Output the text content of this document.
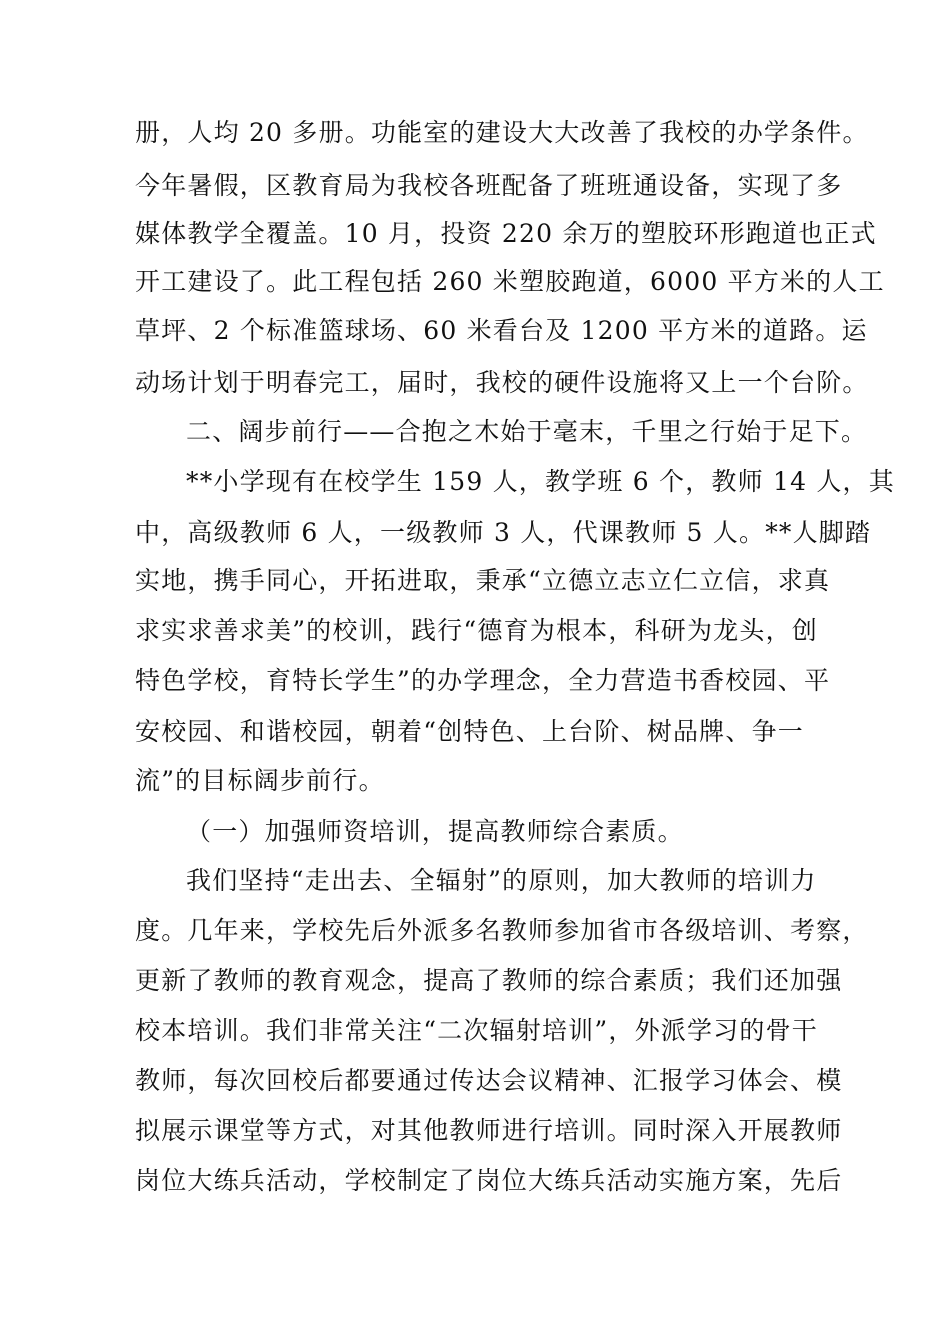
册，人均 20 多册。功能室的建设大大改善了我校的办学条件。
今年暑假，区教育局为我校各班配备了班班通设备，实现了多
媒体教学全覆盖。10 月，投资 220 余万的塑胶环形跑道也正式
开工建设了。此工程包括 260 米塑胶跑道，6000 平方米的人工
草坪、2 个标准篮球场、60 米看台及 1200 平方米的道路。运
动场计划于明春完工，届时，我校的硬件设施将又上一个台阶。
二、阔步前行——合抱之木始于毫末，千里之行始于足下。
**小学现有在校学生 159 人，教学班 6 个，教师 14 人，其
中，高级教师 6 人，一级教师 3 人，代课教师 5 人。**人脚踏
实地，携手同心，开拓进取，秉承“立德立志立仁立信，求真
求实求善求美”的校训，践行“德育为根本，科研为龙头，创
特色学校，育特长学生”的办学理念，全力营造书香校园、平
安校园、和谐校园，朝着“创特色、上台阶、树品牌、争一
流”的目标阔步前行。
（一）加强师资培训，提高教师综合素质。
我们坚持“走出去、全辐射”的原则，加大教师的培训力
度。几年来，学校先后外派多名教师参加省市各级培训、考察，
更新了教师的教育观念，提高了教师的综合素质；我们还加强
校本培训。我们非常关注“二次辐射培训”，外派学习的骨干
教师，每次回校后都要通过传达会议精神、汇报学习体会、模
拟展示课堂等方式，对其他教师进行培训。同时深入开展教师
岗位大练兵活动，学校制定了岗位大练兵活动实施方案，先后
